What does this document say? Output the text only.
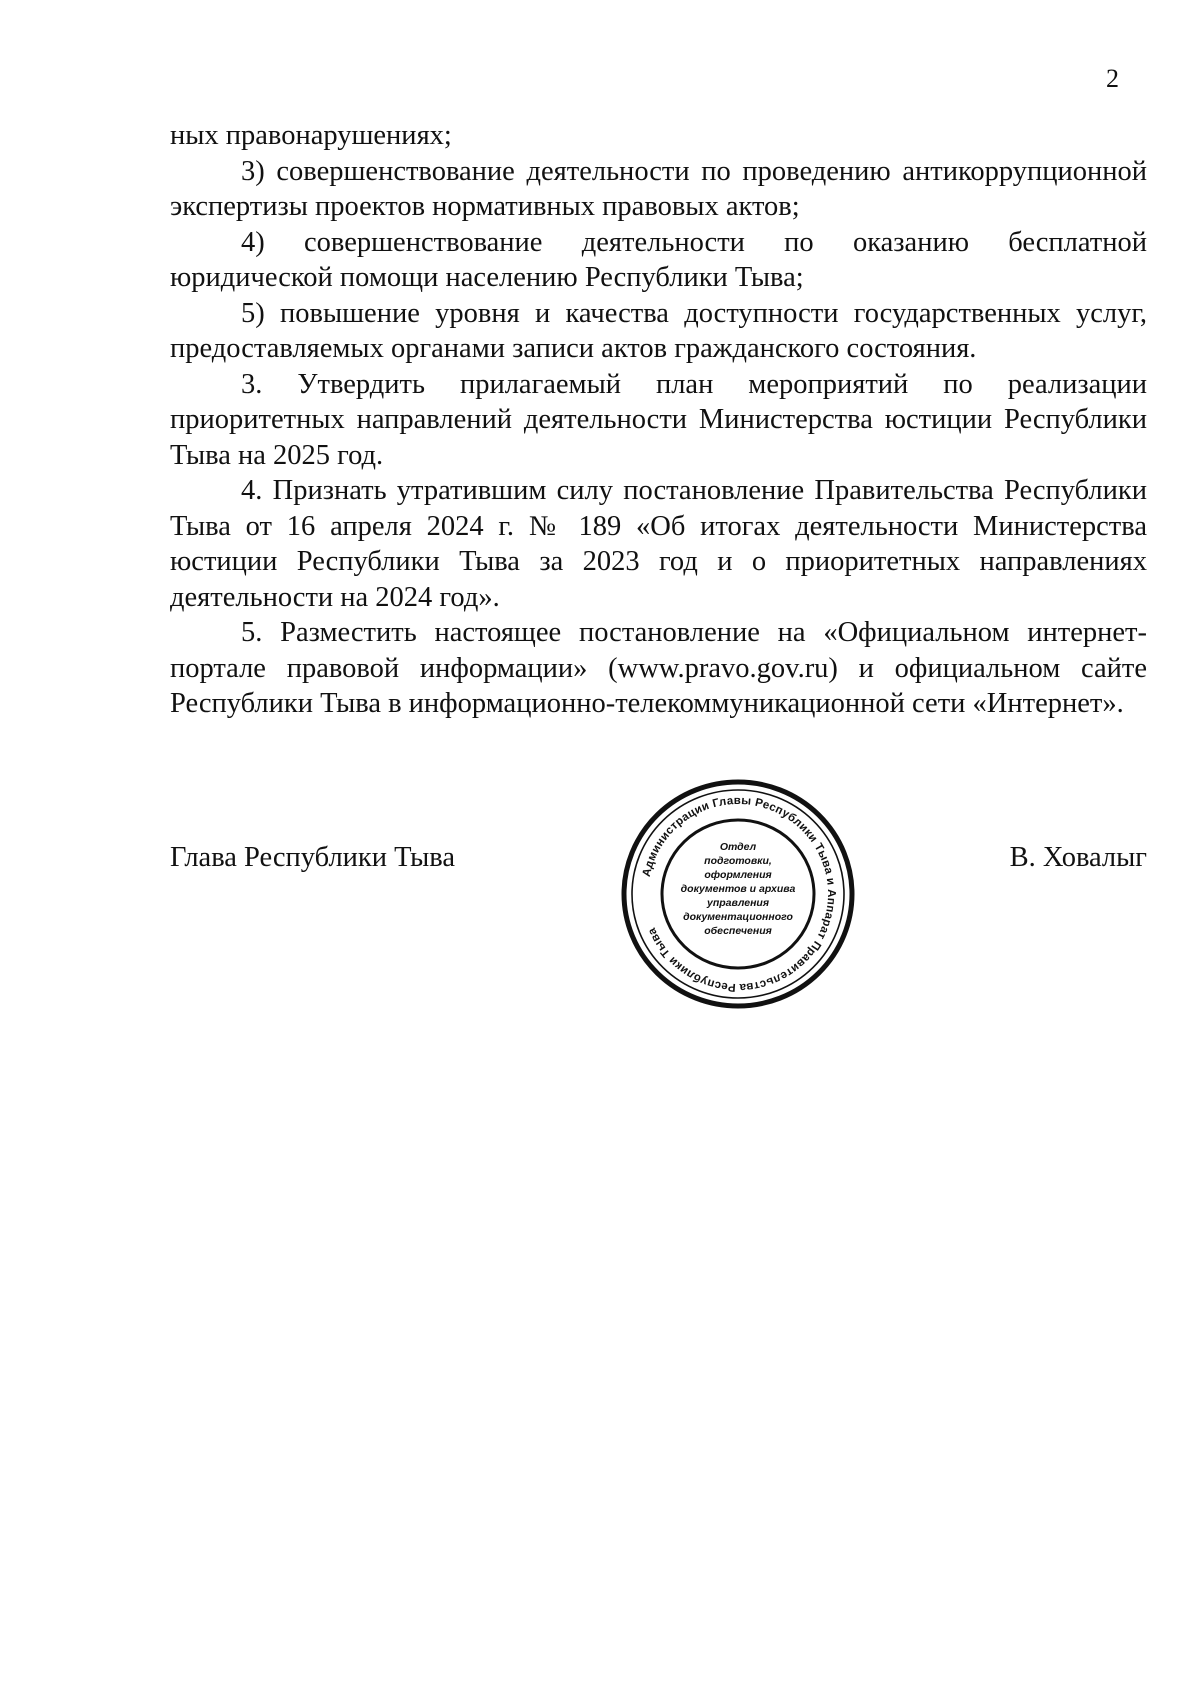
2

ных правонарушениях;

3) совершенствование деятельности по проведению антикоррупционной экспертизы проектов нормативных правовых актов;

4) совершенствование деятельности по оказанию бесплатной юридической помощи населению Республики Тыва;

5) повышение уровня и качества доступности государственных услуг, предоставляемых органами записи актов гражданского состояния.

3. Утвердить прилагаемый план мероприятий по реализации приоритетных направлений деятельности Министерства юстиции Республики Тыва на 2025 год.

4. Признать утратившим силу постановление Правительства Республики Тыва от 16 апреля 2024 г. № 189 «Об итогах деятельности Министерства юстиции Республики Тыва за 2023 год и о приоритетных направлениях деятельности на 2024 год».

5. Разместить настоящее постановление на «Официальном интернет-портале правовой информации» (www.pravo.gov.ru) и официальном сайте Республики Тыва в информационно-телекоммуникационной сети «Интернет».

Глава Республики Тыва	В. Ховалыг
Администрации Главы Республики Тыва и Аппарат Правительства Республики Тыва
Отдел
подготовки,
оформления
документов и архива
управления
документационного
обеспечения
